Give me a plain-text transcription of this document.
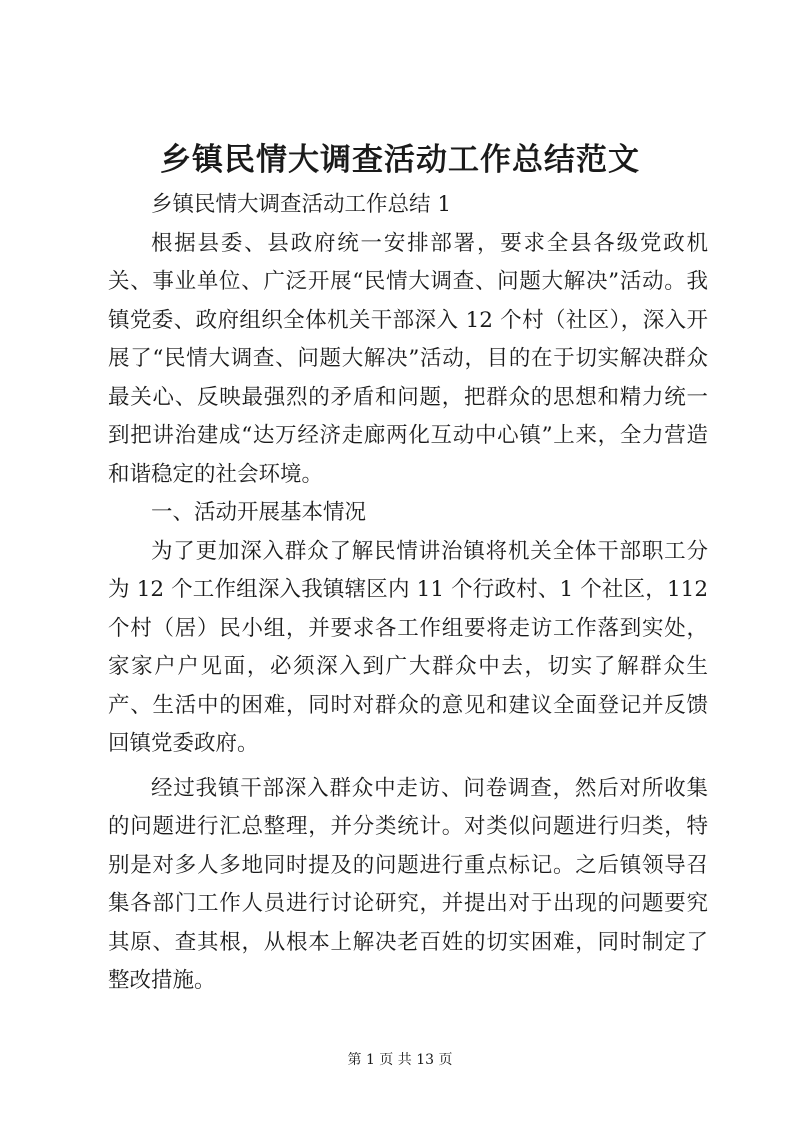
乡镇民情大调查活动工作总结范文

乡镇民情大调查活动工作总结 1

根据县委、县政府统一安排部署，要求全县各级党政机关、事业单位、广泛开展“民情大调查、问题大解决”活动。我镇党委、政府组织全体机关干部深入 12 个村（社区），深入开展了“民情大调查、问题大解决”活动，目的在于切实解决群众最关心、反映最强烈的矛盾和问题，把群众的思想和精力统一到把讲治建成“达万经济走廊两化互动中心镇”上来，全力营造和谐稳定的社会环境。

一、活动开展基本情况

为了更加深入群众了解民情讲治镇将机关全体干部职工分为 12 个工作组深入我镇辖区内 11 个行政村、1 个社区，112 个村（居）民小组，并要求各工作组要将走访工作落到实处，家家户户见面，必须深入到广大群众中去，切实了解群众生产、生活中的困难，同时对群众的意见和建议全面登记并反馈回镇党委政府。

经过我镇干部深入群众中走访、问卷调查，然后对所收集的问题进行汇总整理，并分类统计。对类似问题进行归类，特别是对多人多地同时提及的问题进行重点标记。之后镇领导召集各部门工作人员进行讨论研究，并提出对于出现的问题要究其原、查其根，从根本上解决老百姓的切实困难，同时制定了整改措施。

第 1 页 共 13 页
